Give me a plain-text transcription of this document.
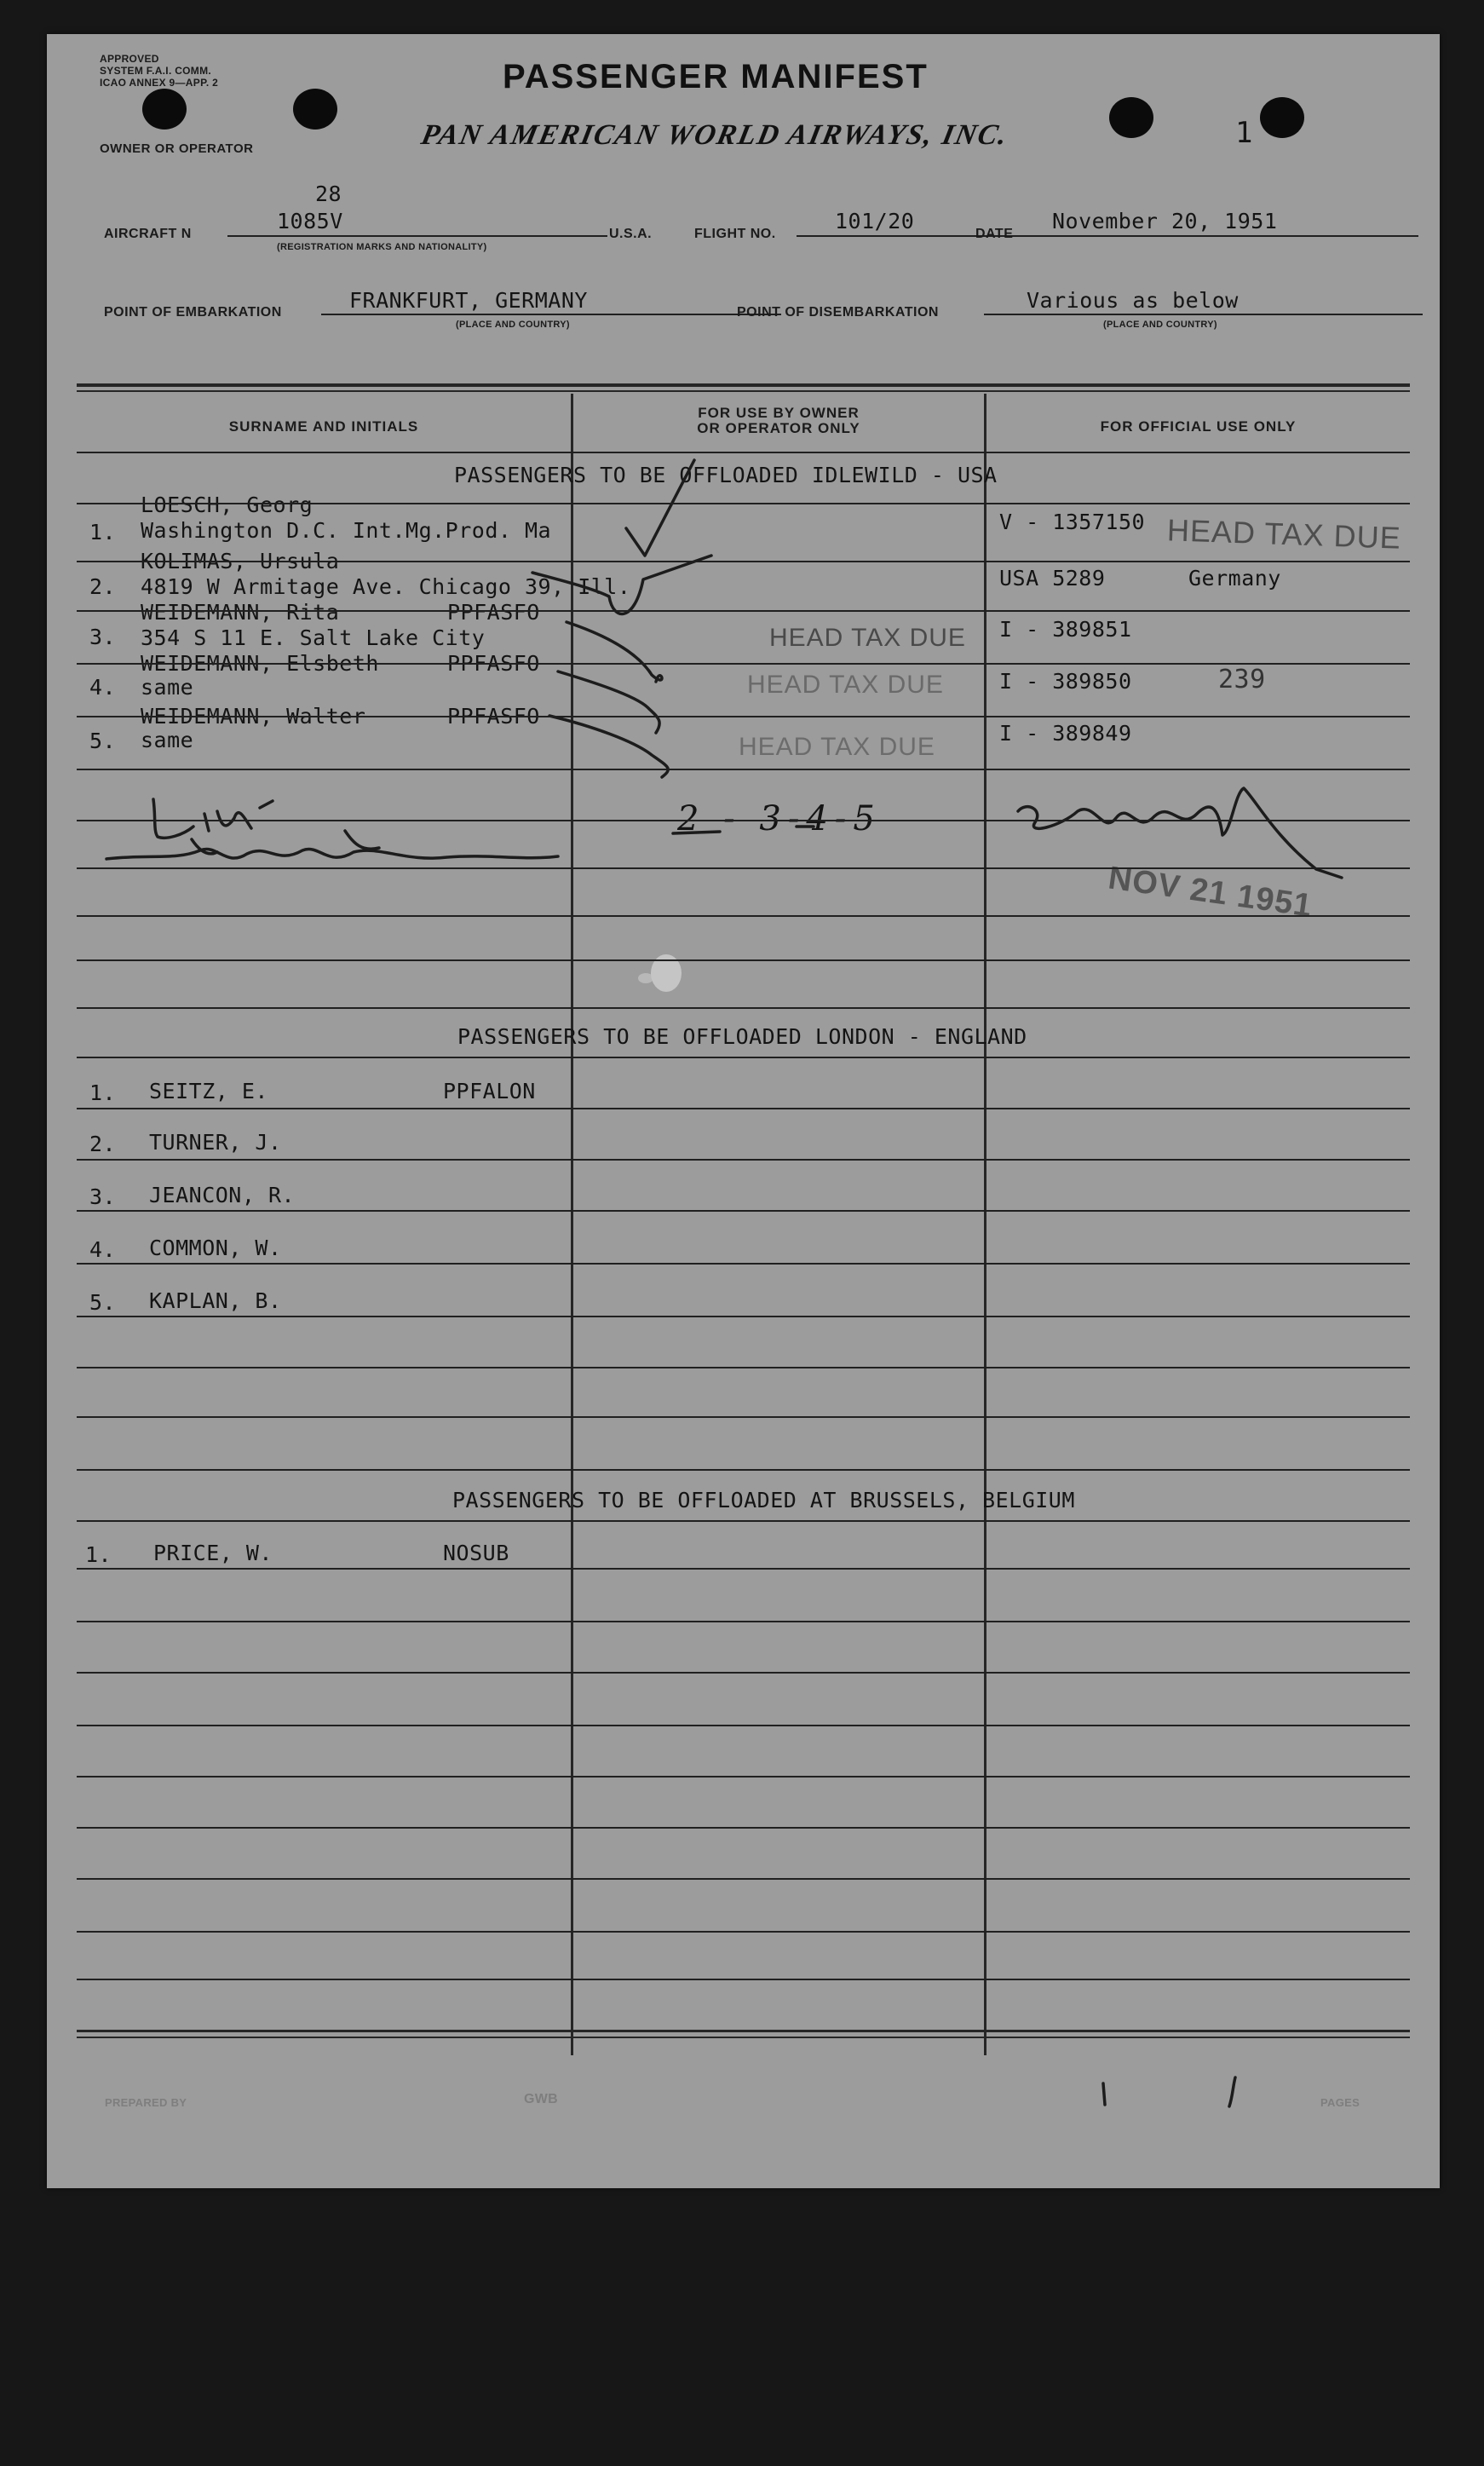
APPROVED
SYSTEM F.A.I. COMM.
ICAO ANNEX 9—APP. 2
OWNER OR OPERATOR
PASSENGER MANIFEST
PAN AMERICAN WORLD AIRWAYS, INC.	1
AIRCRAFT N
28
1085V
(REGISTRATION MARKS AND NATIONALITY)
U.S.A.	FLIGHT NO.
101/20
DATE
November 20, 1951
POINT OF EMBARKATION	FRANKFURT, GERMANY
(PLACE AND COUNTRY)
POINT OF DISEMBARKATION	Various as below
(PLACE AND COUNTRY)
SURNAME AND INITIALS
FOR USE BY OWNER
OR OPERATOR ONLY	FOR OFFICIAL USE ONLY
PASSENGERS TO BE OFFLOADED IDLEWILD - USA
1.
LOESCH, Georg
Washington D.C. Int.Mg.Prod. Ma	V - 1357150
2.
KOLIMAS, Ursula
4819 W Armitage Ave. Chicago 39, Ill.	USA 5289	Germany
3.
WEIDEMANN, Rita	PPFASFO
354 S 11 E. Salt Lake City	I - 389851
4.
WEIDEMANN, Elsbeth	PPFASFO
same	I - 389850	239
5.
WEIDEMANN, Walter	PPFASFO
same	I - 389849
HEAD TAX DUE
HEAD TAX DUE
HEAD TAX DUE
HEAD TAX DUE
2 - 3-4-5
NOV 21 1951
PASSENGERS TO BE OFFLOADED LONDON - ENGLAND
1. SEITZ, E.	PPFALON
2. TURNER, J.
3. JEANCON, R.
4. COMMON, W.
5. KAPLAN, B.
PASSENGERS TO BE OFFLOADED AT BRUSSELS, BELGIUM
1. PRICE, W.	NOSUB
PREPARED BY	GWB	PAGES
